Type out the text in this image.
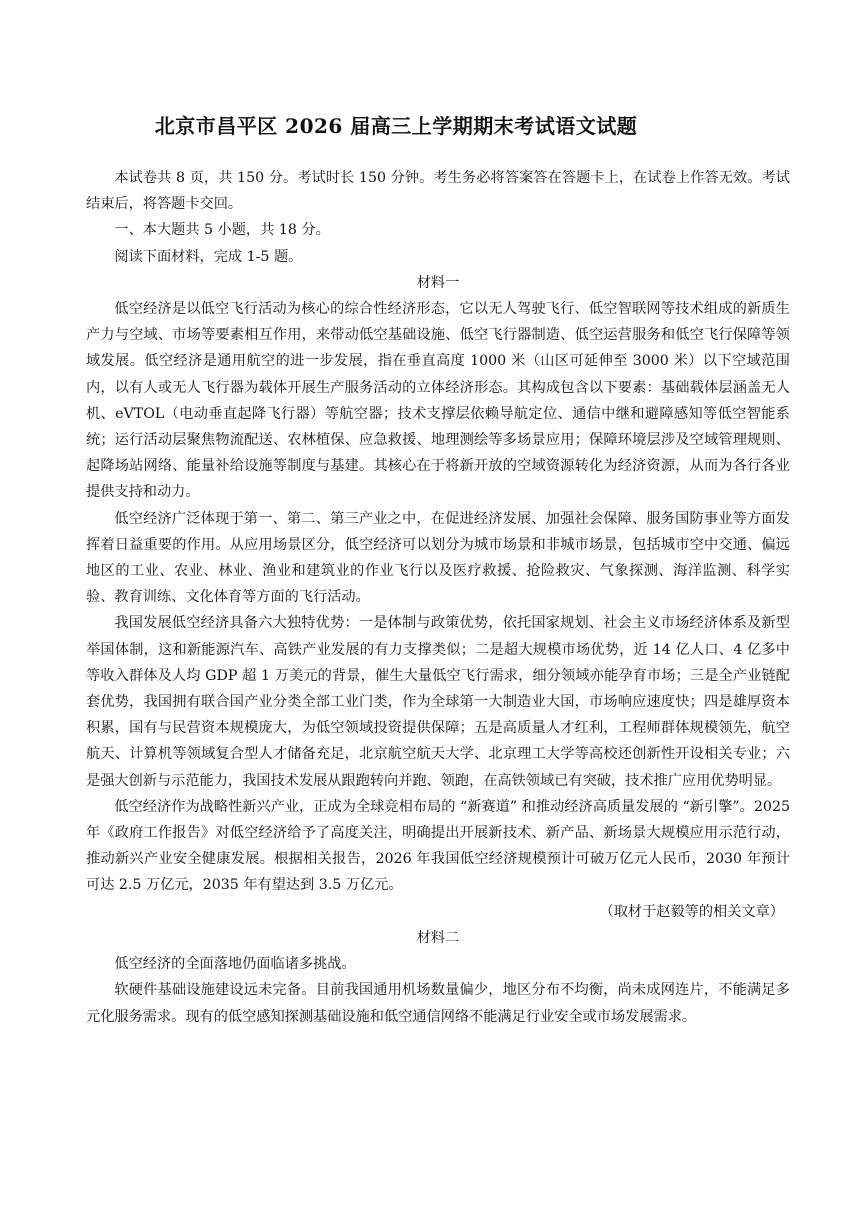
北京市昌平区 2026 届高三上学期期末考试语文试题

本试卷共 8 页，共 150 分。考试时长 150 分钟。考生务必将答案答在答题卡上，在试卷上作答无效。考试结束后，将答题卡交回。

一、本大题共 5 小题，共 18 分。

阅读下面材料，完成 1-5 题。

材料一

低空经济是以低空飞行活动为核心的综合性经济形态，它以无人驾驶飞行、低空智联网等技术组成的新质生产力与空域、市场等要素相互作用，来带动低空基础设施、低空飞行器制造、低空运营服务和低空飞行保障等领域发展。低空经济是通用航空的进一步发展，指在垂直高度 1000 米（山区可延伸至 3000 米）以下空域范围内，以有人或无人飞行器为载体开展生产服务活动的立体经济形态。其构成包含以下要素：基础载体层涵盖无人机、eVTOL（电动垂直起降飞行器）等航空器；技术支撑层依赖导航定位、通信中继和避障感知等低空智能系统；运行活动层聚焦物流配送、农林植保、应急救援、地理测绘等多场景应用；保障环境层涉及空域管理规则、起降场站网络、能量补给设施等制度与基建。其核心在于将新开放的空域资源转化为经济资源，从而为各行各业提供支持和动力。

低空经济广泛体现于第一、第二、第三产业之中，在促进经济发展、加强社会保障、服务国防事业等方面发挥着日益重要的作用。从应用场景区分，低空经济可以划分为城市场景和非城市场景，包括城市空中交通、偏远地区的工业、农业、林业、渔业和建筑业的作业飞行以及医疗救援、抢险救灾、气象探测、海洋监测、科学实验、教育训练、文化体育等方面的飞行活动。

我国发展低空经济具备六大独特优势：一是体制与政策优势，依托国家规划、社会主义市场经济体系及新型举国体制，这和新能源汽车、高铁产业发展的有力支撑类似；二是超大规模市场优势，近 14 亿人口、4 亿多中等收入群体及人均 GDP 超 1 万美元的背景，催生大量低空飞行需求，细分领域亦能孕育市场；三是全产业链配套优势，我国拥有联合国产业分类全部工业门类，作为全球第一大制造业大国，市场响应速度快；四是雄厚资本积累，国有与民营资本规模庞大，为低空领域投资提供保障；五是高质量人才红利，工程师群体规模领先，航空航天、计算机等领域复合型人才储备充足，北京航空航天大学、北京理工大学等高校还创新性开设相关专业；六是强大创新与示范能力，我国技术发展从跟跑转向并跑、领跑，在高铁领域已有突破，技术推广应用优势明显。

低空经济作为战略性新兴产业，正成为全球竞相布局的 “新赛道” 和推动经济高质量发展的 “新引擎”。2025 年《政府工作报告》对低空经济给予了高度关注，明确提出开展新技术、新产品、新场景大规模应用示范行动，推动新兴产业安全健康发展。根据相关报告，2026 年我国低空经济规模预计可破万亿元人民币，2030 年预计可达 2.5 万亿元，2035 年有望达到 3.5 万亿元。

（取材于赵毅等的相关文章）

材料二

低空经济的全面落地仍面临诸多挑战。

软硬件基础设施建设远未完备。目前我国通用机场数量偏少，地区分布不均衡，尚未成网连片，不能满足多元化服务需求。现有的低空感知探测基础设施和低空通信网络不能满足行业安全或市场发展需求。
